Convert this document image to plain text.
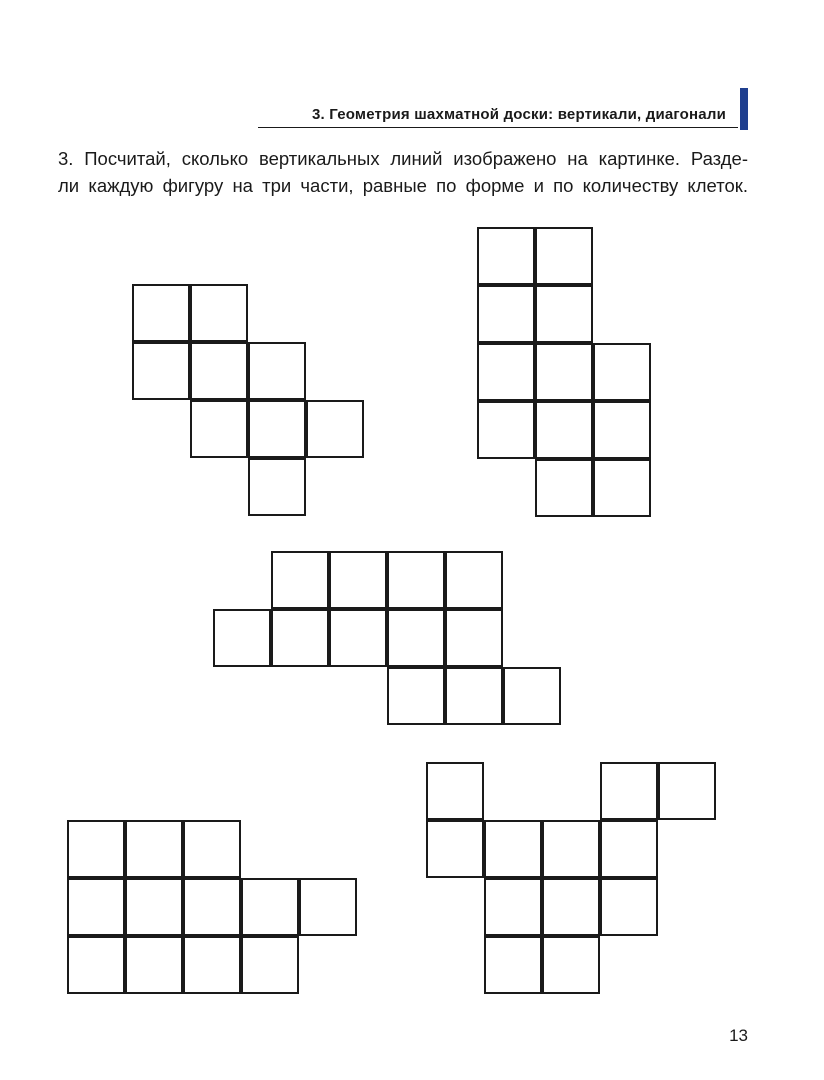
3. Геометрия шахматной доски: вертикали, диагонали
3. Посчитай, сколько вертикальных линий изображено на картинке. Разде-
ли каждую фигуру на три части, равные по форме и по количеству клеток.
13
